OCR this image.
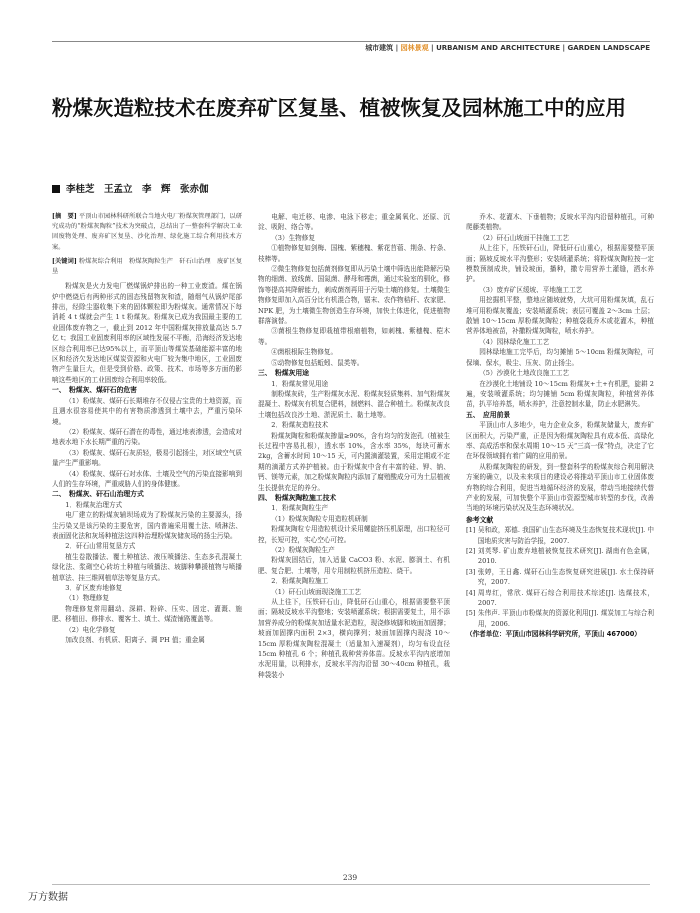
城市建筑 | 园林景观 | URBANISM AND ARCHITECTURE | GARDEN LANDSCAPE
粉煤灰造粒技术在废弃矿区复垦、植被恢复及园林施工中的应用
李桂芝　王孟立　李　辉　张赤伽

[摘　要] 平顶山市园林科研所联合当地火电厂粉煤灰管理部门，以研究成功的“粉煤灰陶粒”技术为突破点，总结出了一整套科学解决工业固废物处理、废弃矿区复垦、沙化治理、绿化施工综合利用技术方案。

[关键词] 粉煤灰综合利用　粉煤灰陶粒生产　矸石山治理　废矿区复垦

粉煤灰是火力发电厂燃煤锅炉排出的一种工业废渣。煤在锅炉中燃烧后有两种形式的固态残留物灰和渣，随烟气从锅炉尾部排出，经除尘器收集下来的固体颗粒即为粉煤灰。通常情况下每消耗 4 t 煤就会产生 1 t 粉煤灰。粉煤灰已成为我国最主要的工业固体废弃物之一，截止到 2012 年中国粉煤灰排放量高达 5.7 亿 t；我国工业固废利用率的区域性发展不平衡，沿海经济发达地区综合利用率已达95%以上，而平顶山等煤炭基础能源丰富的地区和经济欠发达地区煤炭资源和火电厂较为集中地区，工业固废物产生量巨大，但是受到价格、政策、技术、市场等多方面的影响这些地区的工业固废综合利用率较低。

一、　粉煤灰、煤矸石的危害

（1）粉煤灰、煤矸石长期堆存不仅侵占宝贵的土地资源，而且遇水很容易使其中的有害物质渗透到土壤中去，严重污染环境。

（2）粉煤灰、煤矸石潜在的毒性，通过地表渗透，会造成对地表水地下水长期严重的污染。

（3）粉煤灰、煤矸石灰质轻，极易引起扬尘，对区域空气质量产生严重影响。

（4）粉煤灰、煤矸石对水体、土壤及空气的污染直接影响到人们的生存环境，严重威胁人们的身体健康。

二、　粉煤灰、矸石山治理方式

1．粉煤灰治理方式

电厂建立的粉煤灰辅坝场成为了粉煤灰污染的主要源头，扬尘污染又是该污染的主要危害，国内普遍采用覆土法、喷淋法、表面固化法和灰场种植法这四种治理粉煤灰储灰场的扬尘污染。

2．矸石山常用复垦方式

植生卷散播法、覆土种植法、液压喷播法、生态多孔混凝土绿化法、浆砌空心砖坊土种植与喷播法、坡脚种攀援植物与喷播植草法、挂三维网植草法等复垦方式。

3．矿区废弃地修复

（1）物理修复

物理修复常用翻动、深耕、粉碎、压实、固定、灌溉、施肥、移植田、修排水、覆客土、填土、煤渣铺路覆盖等。

（2）电化学修复

加改良剂、有机质、阳离子、调 PH 值；重金属

电解、电迁移、电渗、电泳下移走；重金属氧化、还原、沉淀、吸附、络合等。

（3）生物修复

①植物修复如剑梅、国槐、紫穗槐、紫花苜蓿、荆条、柠条、枝棒等。

②微生物修复包括菌剂修复即从污染土壤中筛选出能降解污染物的细菌、放线菌、国氮菌、酵母和霉菌，通过实验室的驯化，修饰等提高其降解能力，刺成菌剂再用于污染土壤的修复。土壤微生物修复即加入高百分比有机混合物，锯末、农作物秸秆、农家肥、NPK 肥，为土壤微生物创造生存环境，加快土体进化，促进植物群落演替。

③菌根生物修复即栽植带根瘤植物，如刺槐、紫穗槐、桤木等。

④菌根根际生物修复。

⑤动物修复包括蚯蚓、鼠类等。

三、　粉煤灰用途

1．粉煤灰常见用途

制粉煤灰砖，生产粉煤灰水泥、粉煤灰轻质集料、加气粉煤灰混凝土、粉煤灰有机复合肥料，制燃料、混合种植土。粉煤灰改良土壤包括改良沙土地、淤泥质土、黏土地等。

2．粉煤灰造粒技术

粉煤灰陶粒和粉煤灰掺量≥90%，含有均匀的发泡孔（植被生长过程中容易扎根），透水率 10%，含水率 35%，每块可蓄水 2kg，含蓄水时间 10～15 天，可内置滴灌装置，采用定期或不定期的滴灌方式养护植被。由于粉煤灰中含有丰富的硅、钾、钠、钙、镁等元素，加之粉煤灰陶粒内添加了腐殖酸成分可为土层植被生长提供充足的养分。

四、　粉煤灰陶粒施工技术

1．粉煤灰陶粒生产

（1）粉煤灰陶粒专用造粒机研制

粉煤灰陶粒专用造粒机设计采用螺旋挤压机原理，出口粒径可控，长短可控，实心空心可控。

（2）粉煤灰陶粒生产

粉煤灰固结后，加入适量 CaCO3 粉、水泥、膨润土、有机肥、复合肥、土壤等，用专用制粒机挤压造粒、烧干。

2．粉煤灰陶粒施工

（1）矸石山坡面现浇施工工艺

从上往下，压铁矸石山，降低矸石山重心，根据需要整平顶面；隔坡反坡水平沟整地；安装喷灌系统；根据需要复土，用不添加营养成分的粉煤灰加适量水泥造粒，现浇修坡脚和坡面加固撑；坡面加固撑内面积 2×3，横向撑列；坡面加固撑内现浇 10～15cm 厚粉煤灰陶粒混凝土（适量加入速凝剂），均匀布设直径 15cm 种植孔 6 个；种植孔栽种营养体苗。反坡水平沟内底增加水泥用量，以利排水，反坡水平沟沟沿留 30～40cm 种植孔，栽种袋装小

乔木、花灌木、下垂植物；反坡水平沟内沿留种植孔，可种爬藤类植物。

（2）矸石山坡面干挂施工工艺

从上往下，压铁矸石山，降低矸石山重心，根据需要整平顶面；隔坡反坡水平沟整形；安装喷灌系统；将粉煤灰陶粒按一定模数预制成块，铺设坡面，播种，撒专用营养土灌缝，洒水养护。

（3）废弃矿区缓坡、平地施工工艺

用挖掘机平整，整地应随坡就势，大坑可用粉煤灰填，乱石堆可用粉煤灰覆盖；安装喷灌系统；表层可覆盖 2～3cm 土层；散铺 10～15cm 厚粉煤灰陶粒；种植袋栽乔木或花灌木，种植营养体地被苗，补撒粉煤灰陶粒，喷水养护。

（4）园林绿化施工工艺

园林绿地施工完毕后，均匀摊铺 5～10cm 粉煤灰陶粒，可保墒、保水，吸尘、压灰、防止扬尘。

（5）沙漠化土地改良施工工艺

在沙漠化土地铺设 10～15cm 粉煤灰+土+有机肥，旋耕 2 遍，安装喷灌系统；均匀摊铺 5cm 粉煤灰陶粒，种植营养体苗，扒平培养基，喷水养护，注意控制水量，防止水肥淋失。

五、　应用前景

平顶山市人多地少，电力企业众多，粉煤灰储量大，废弃矿区面积大，污染严重，正是因为粉煤灰陶粒具有成本低、高绿化率、高成活率和保水周期 10～15 天“三高一保”特点，决定了它在环保领域拥有着广阔的应用前景。

从粉煤灰陶粒的研发，到一整套科学的粉煤灰综合利用解决方案的确立，以及未来项目的建设必将推动平顶山市工业固体废弃物的综合利用，促进当地循环经济的发展，带动当地接续代替产业的发展，可加快整个平顶山市资源型城市转型的步伐，改善当地的环境污染状况及生态环境状况。

参考文献

[1] 吴和政，郑德. 我国矿山生态环境及生态恢复技术现状[J]. 中国地质灾害与防治学报，2007.

[2] 刘英琴. 矿山废弃地植被恢复技术研究[J]. 湖南有色金属，2010.

[3] 张婷，王日鑫. 煤矸石山生态恢复研究进展[J]. 水土保持研究，2007.

[4] 周卑红，常欣. 煤矸石综合利用技术综述[J]. 选煤技术，2007.

[5] 朱伟声. 平顶山市粉煤灰的资源化利用[J]. 煤炭加工与综合利用，2006.

（作者单位：平顶山市园林科学研究所，平顶山 467000）

239
万方数据
